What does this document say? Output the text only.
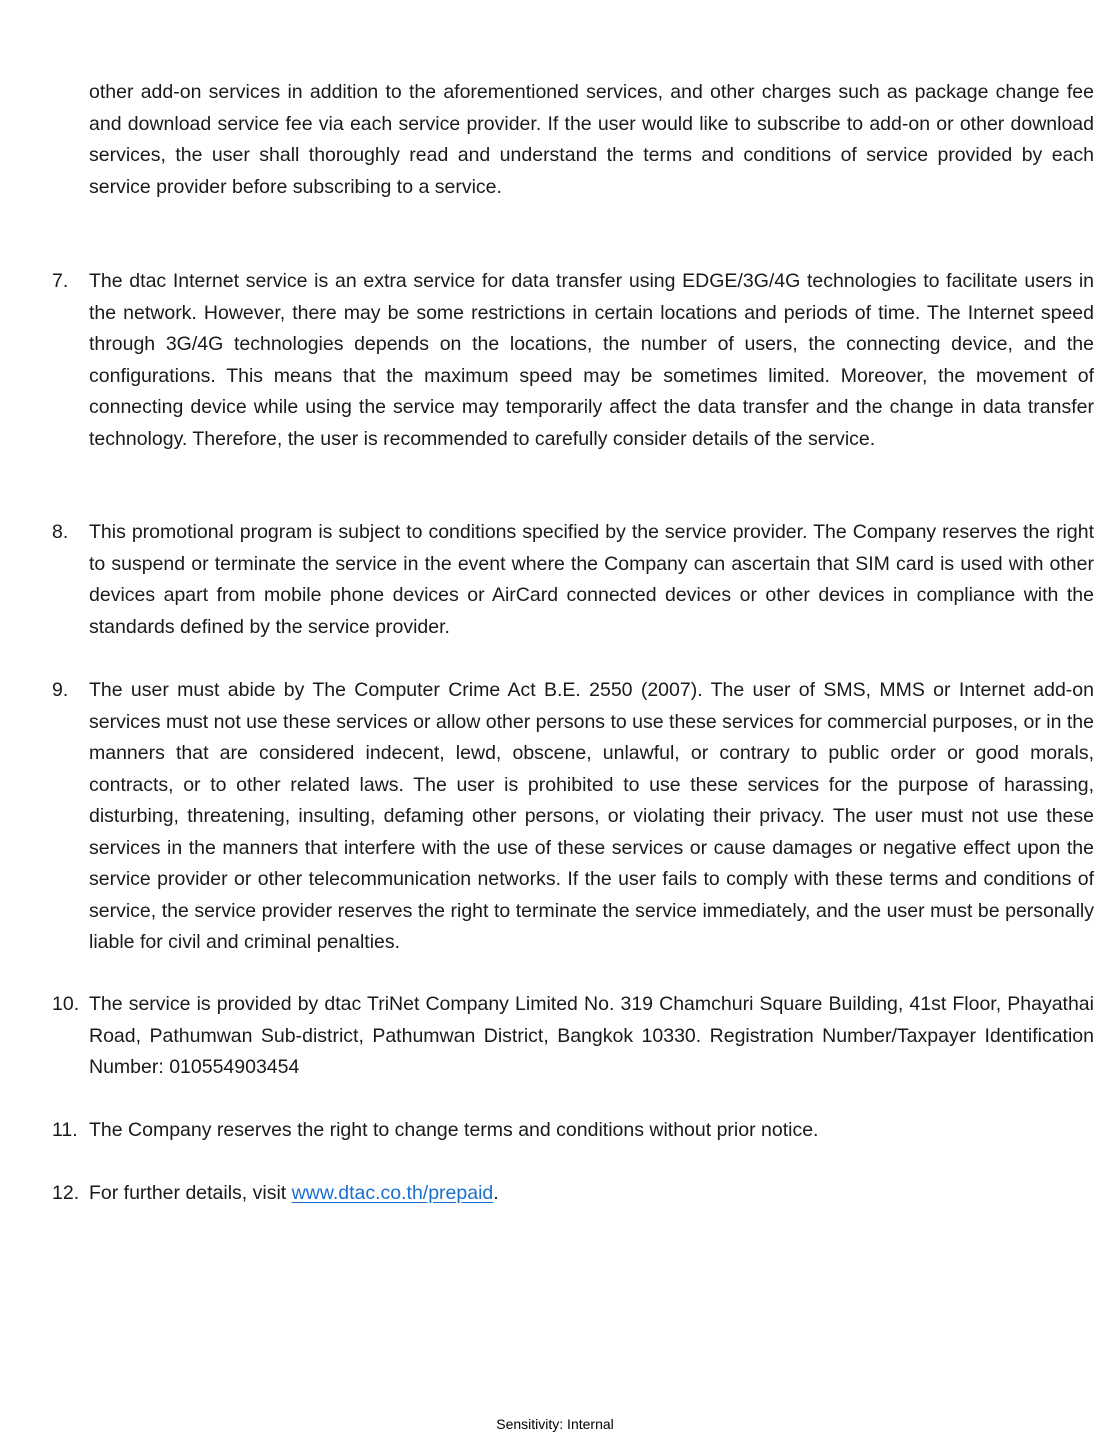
other add-on services in addition to the aforementioned services, and other charges such as package change fee and download service fee via each service provider. If the user would like to subscribe to add-on or other download services, the user shall thoroughly read and understand the terms and conditions of service provided by each service provider before subscribing to a service.

7. The dtac Internet service is an extra service for data transfer using EDGE/3G/4G technologies to facilitate users in the network. However, there may be some restrictions in certain locations and periods of time. The Internet speed through 3G/4G technologies depends on the locations, the number of users, the connecting device, and the configurations. This means that the maximum speed may be sometimes limited. Moreover, the movement of connecting device while using the service may temporarily affect the data transfer and the change in data transfer technology. Therefore, the user is recommended to carefully consider details of the service.

8. This promotional program is subject to conditions specified by the service provider. The Company reserves the right to suspend or terminate the service in the event where the Company can ascertain that SIM card is used with other devices apart from mobile phone devices or AirCard connected devices or other devices in compliance with the standards defined by the service provider.

9. The user must abide by The Computer Crime Act B.E. 2550 (2007). The user of SMS, MMS or Internet add-on services must not use these services or allow other persons to use these services for commercial purposes, or in the manners that are considered indecent, lewd, obscene, unlawful, or contrary to public order or good morals, contracts, or to other related laws. The user is prohibited to use these services for the purpose of harassing, disturbing, threatening, insulting, defaming other persons, or violating their privacy. The user must not use these services in the manners that interfere with the use of these services or cause damages or negative effect upon the service provider or other telecommunication networks. If the user fails to comply with these terms and conditions of service, the service provider reserves the right to terminate the service immediately, and the user must be personally liable for civil and criminal penalties.

10. The service is provided by dtac TriNet Company Limited No. 319 Chamchuri Square Building, 41st Floor, Phayathai Road, Pathumwan Sub-district, Pathumwan District, Bangkok 10330. Registration Number/Taxpayer Identification Number: 010554903454

11. The Company reserves the right to change terms and conditions without prior notice.

12. For further details, visit www.dtac.co.th/prepaid.

Sensitivity: Internal
